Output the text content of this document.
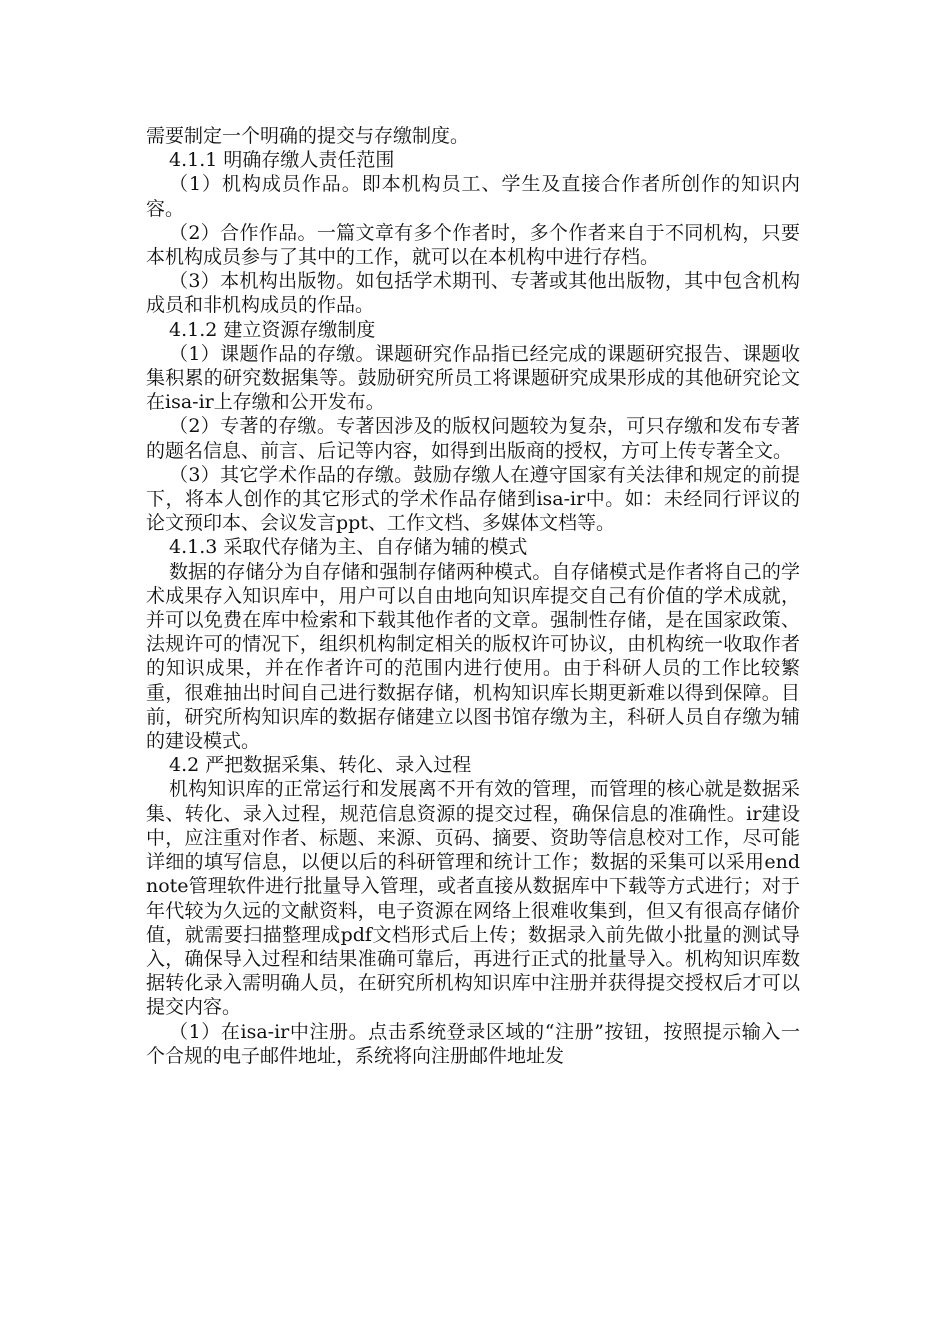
需要制定一个明确的提交与存缴制度。

4.1.1 明确存缴人责任范围

（1）机构成员作品。即本机构员工、学生及直接合作者所创作的知识内容。

（2）合作作品。一篇文章有多个作者时，多个作者来自于不同机构，只要本机构成员参与了其中的工作，就可以在本机构中进行存档。

（3）本机构出版物。如包括学术期刊、专著或其他出版物，其中包含机构成员和非机构成员的作品。

4.1.2 建立资源存缴制度

（1）课题作品的存缴。课题研究作品指已经完成的课题研究报告、课题收集积累的研究数据集等。鼓励研究所员工将课题研究成果形成的其他研究论文在isa-ir上存缴和公开发布。

（2）专著的存缴。专著因涉及的版权问题较为复杂，可只存缴和发布专著的题名信息、前言、后记等内容，如得到出版商的授权，方可上传专著全文。

（3）其它学术作品的存缴。鼓励存缴人在遵守国家有关法律和规定的前提下，将本人创作的其它形式的学术作品存储到isa-ir中。如：未经同行评议的论文预印本、会议发言ppt、工作文档、多媒体文档等。

4.1.3 采取代存储为主、自存储为辅的模式

数据的存储分为自存储和强制存储两种模式。自存储模式是作者将自己的学术成果存入知识库中，用户可以自由地向知识库提交自己有价值的学术成就，并可以免费在库中检索和下载其他作者的文章。强制性存储，是在国家政策、法规许可的情况下，组织机构制定相关的版权许可协议，由机构统一收取作者的知识成果，并在作者许可的范围内进行使用。由于科研人员的工作比较繁重，很难抽出时间自己进行数据存储，机构知识库长期更新难以得到保障。目前，研究所构知识库的数据存储建立以图书馆存缴为主，科研人员自存缴为辅的建设模式。

4.2 严把数据采集、转化、录入过程

机构知识库的正常运行和发展离不开有效的管理，而管理的核心就是数据采集、转化、录入过程，规范信息资源的提交过程，确保信息的准确性。ir建设中，应注重对作者、标题、来源、页码、摘要、资助等信息校对工作，尽可能详细的填写信息，以便以后的科研管理和统计工作；数据的采集可以采用endnote管理软件进行批量导入管理，或者直接从数据库中下载等方式进行；对于年代较为久远的文献资料，电子资源在网络上很难收集到，但又有很高存储价值，就需要扫描整理成pdf文档形式后上传；数据录入前先做小批量的测试导入，确保导入过程和结果准确可靠后，再进行正式的批量导入。机构知识库数据转化录入需明确人员，在研究所机构知识库中注册并获得提交授权后才可以提交内容。

（1）在isa-ir中注册。点击系统登录区域的“注册”按钮，按照提示输入一个合规的电子邮件地址，系统将向注册邮件地址发
